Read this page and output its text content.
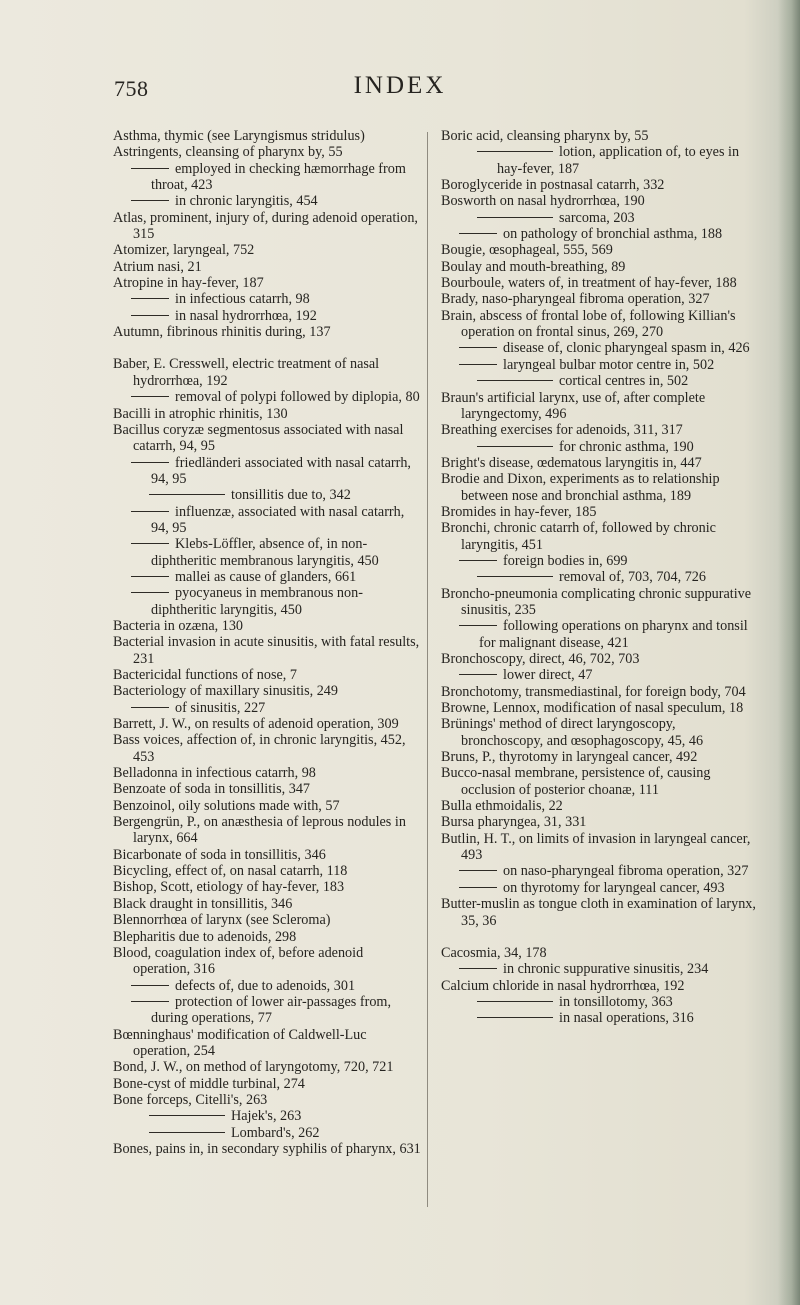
758	INDEX
Asthma, thymic (see Laryngismus stridulus)
Astringents, cleansing of pharynx by, 55
employed in checking hæmorrhage from throat, 423
in chronic laryngitis, 454
Atlas, prominent, injury of, during adenoid operation, 315
Atomizer, laryngeal, 752
Atrium nasi, 21
Atropine in hay-fever, 187
in infectious catarrh, 98
in nasal hydrorrhœa, 192
Autumn, fibrinous rhinitis during, 137
Baber, E. Cresswell, electric treatment of nasal hydrorrhœa, 192
removal of polypi followed by diplopia, 80
Bacilli in atrophic rhinitis, 130
Bacillus coryzæ segmentosus associated with nasal catarrh, 94, 95
friedländeri associated with nasal catarrh, 94, 95
tonsillitis due to, 342
influenzæ, associated with nasal catarrh, 94, 95
Klebs-Löffler, absence of, in non-diphtheritic membranous laryngitis, 450
mallei as cause of glanders, 661
pyocyaneus in membranous non-diphtheritic laryngitis, 450
Bacteria in ozæna, 130
Bacterial invasion in acute sinusitis, with fatal results, 231
Bactericidal functions of nose, 7
Bacteriology of maxillary sinusitis, 249
of sinusitis, 227
Barrett, J. W., on results of adenoid operation, 309
Bass voices, affection of, in chronic laryngitis, 452, 453
Belladonna in infectious catarrh, 98
Benzoate of soda in tonsillitis, 347
Benzoinol, oily solutions made with, 57
Bergengrün, P., on anæsthesia of leprous nodules in larynx, 664
Bicarbonate of soda in tonsillitis, 346
Bicycling, effect of, on nasal catarrh, 118
Bishop, Scott, etiology of hay-fever, 183
Black draught in tonsillitis, 346
Blennorrhœa of larynx (see Scleroma)
Blepharitis due to adenoids, 298
Blood, coagulation index of, before adenoid operation, 316
defects of, due to adenoids, 301
protection of lower air-passages from, during operations, 77
Bœnninghaus' modification of Caldwell-Luc operation, 254
Bond, J. W., on method of laryngotomy, 720, 721
Bone-cyst of middle turbinal, 274
Bone forceps, Citelli's, 263
Hajek's, 263
Lombard's, 262
Bones, pains in, in secondary syphilis of pharynx, 631
Boric acid, cleansing pharynx by, 55
lotion, application of, to eyes in hay-fever, 187
Boroglyceride in postnasal catarrh, 332
Bosworth on nasal hydrorrhœa, 190
sarcoma, 203
on pathology of bronchial asthma, 188
Bougie, œsophageal, 555, 569
Boulay and mouth-breathing, 89
Bourboule, waters of, in treatment of hay-fever, 188
Brady, naso-pharyngeal fibroma operation, 327
Brain, abscess of frontal lobe of, following Killian's operation on frontal sinus, 269, 270
disease of, clonic pharyngeal spasm in, 426
laryngeal bulbar motor centre in, 502
cortical centres in, 502
Braun's artificial larynx, use of, after complete laryngectomy, 496
Breathing exercises for adenoids, 311, 317
for chronic asthma, 190
Bright's disease, œdematous laryngitis in, 447
Brodie and Dixon, experiments as to relationship between nose and bronchial asthma, 189
Bromides in hay-fever, 185
Bronchi, chronic catarrh of, followed by chronic laryngitis, 451
foreign bodies in, 699
removal of, 703, 704, 726
Broncho-pneumonia complicating chronic suppurative sinusitis, 235
following operations on pharynx and tonsil for malignant disease, 421
Bronchoscopy, direct, 46, 702, 703
lower direct, 47
Bronchotomy, transmediastinal, for foreign body, 704
Browne, Lennox, modification of nasal speculum, 18
Brünings' method of direct laryngoscopy, bronchoscopy, and œsophagoscopy, 45, 46
Bruns, P., thyrotomy in laryngeal cancer, 492
Bucco-nasal membrane, persistence of, causing occlusion of posterior choanæ, 111
Bulla ethmoidalis, 22
Bursa pharyngea, 31, 331
Butlin, H. T., on limits of invasion in laryngeal cancer, 493
on naso-pharyngeal fibroma operation, 327
on thyrotomy for laryngeal cancer, 493
Butter-muslin as tongue cloth in examination of larynx, 35, 36
Cacosmia, 34, 178
in chronic suppurative sinusitis, 234
Calcium chloride in nasal hydrorrhœa, 192
in tonsillotomy, 363
in nasal operations, 316
